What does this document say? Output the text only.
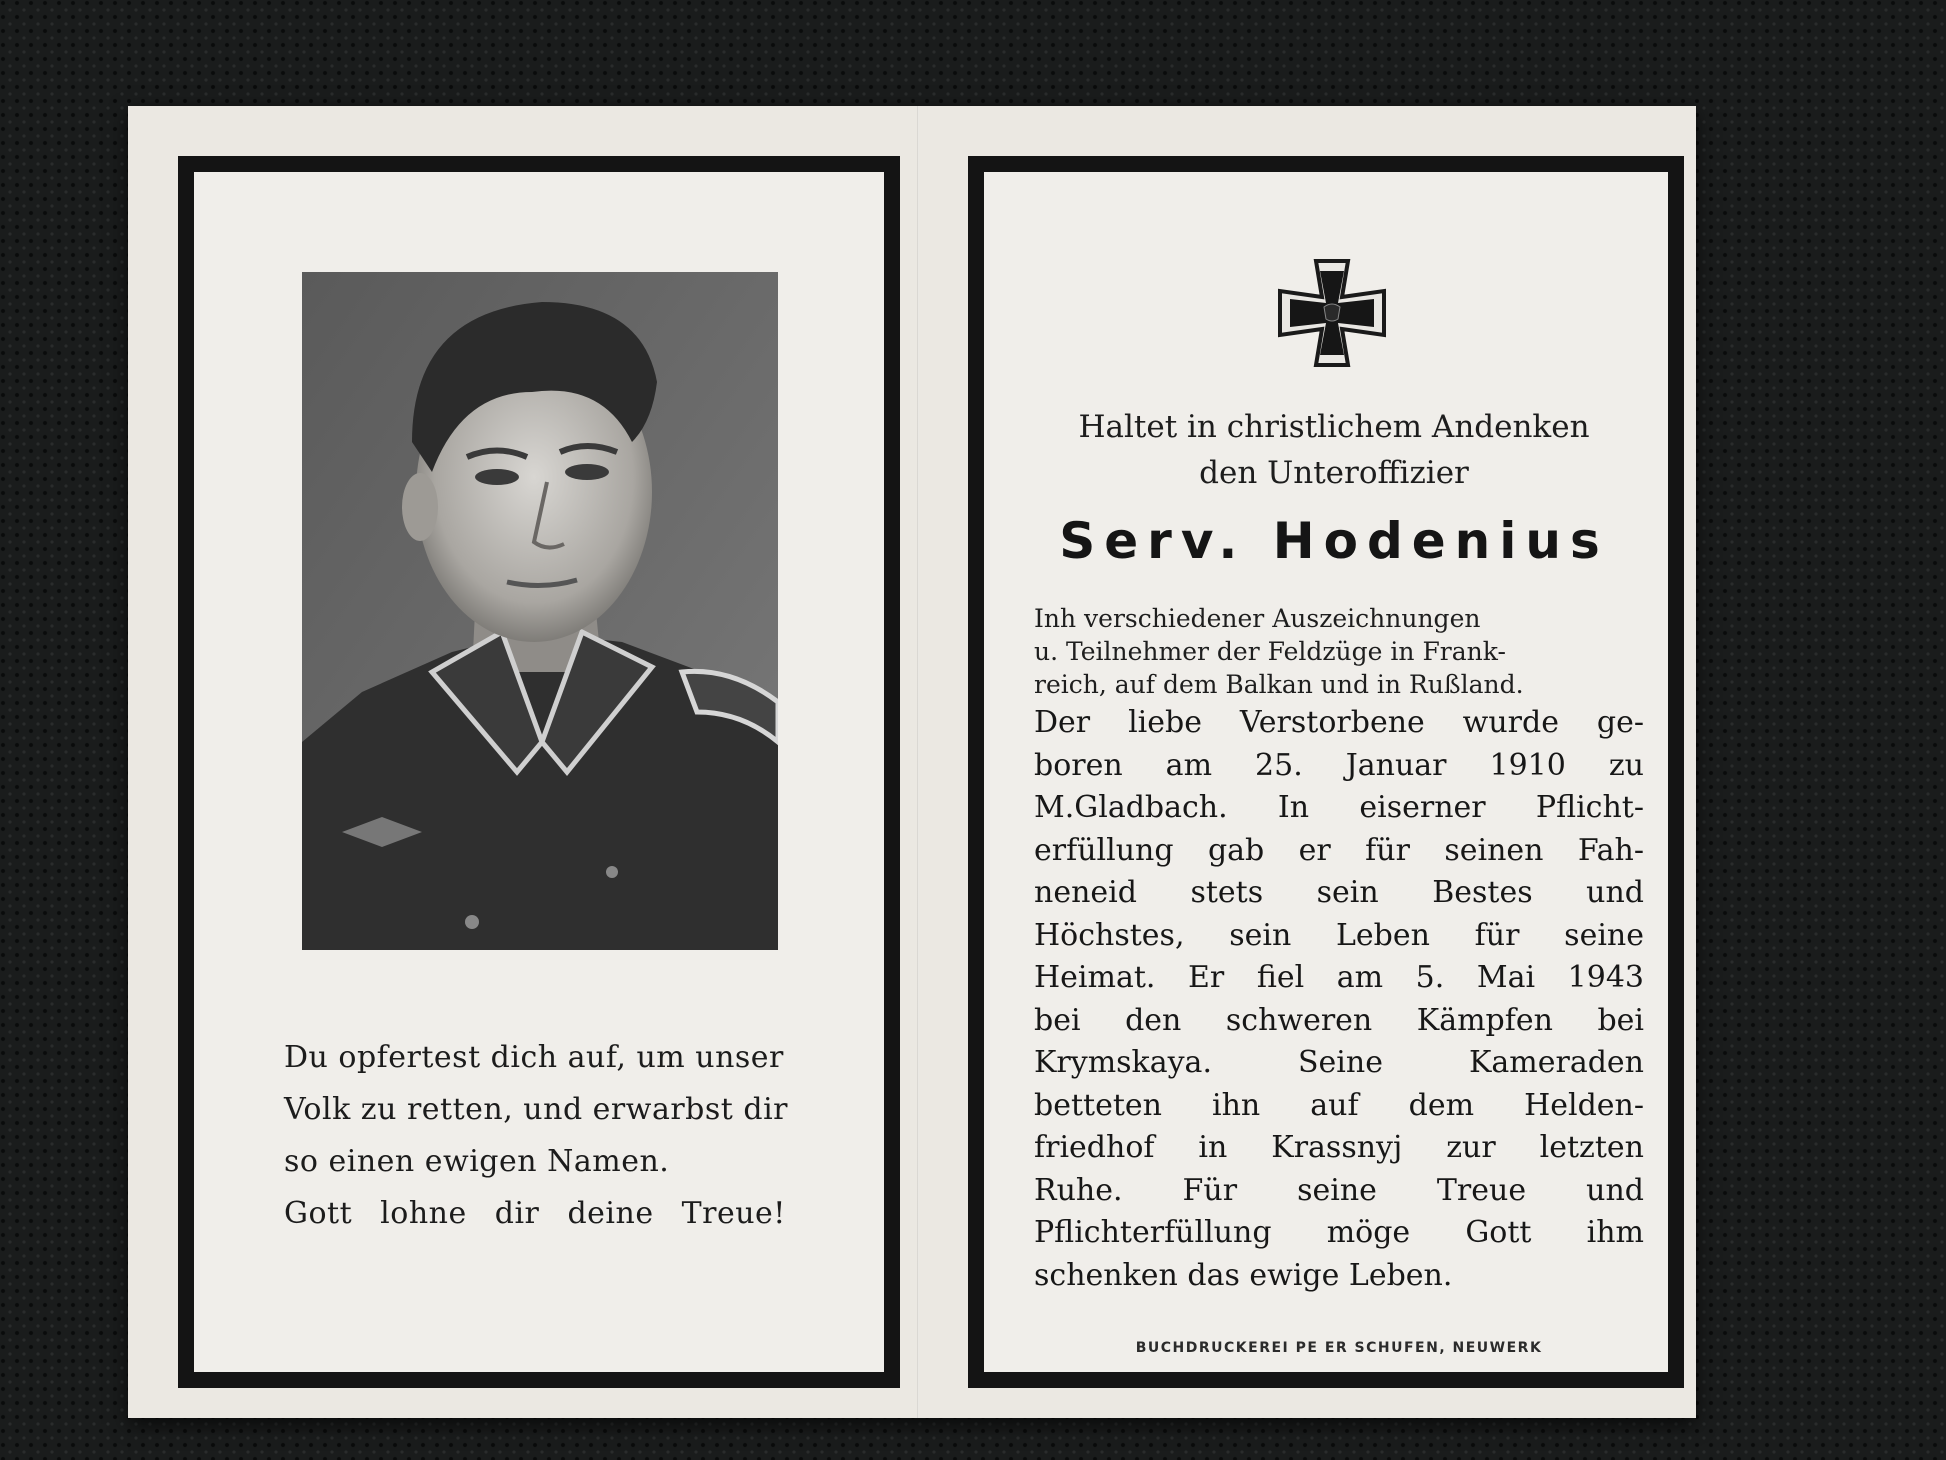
Du opfertest dich auf, um unser
Volk zu retten, und erwarbst dir
so einen ewigen Namen.
Gott lohne dir deine Treue!
Haltet in christlichem Andenken
den Unteroffizier
Serv. Hodenius
Inh verschiedener Auszeichnungen
u. Teilnehmer der Feldzüge in Frank-
reich, auf dem Balkan und in Rußland.
Der liebe Verstorbene wurde ge-
boren am 25. Januar 1910 zu
M.Gladbach. In eiserner Pflicht-
erfüllung gab er für seinen Fah-
neneid stets sein Bestes und
Höchstes, sein Leben für seine
Heimat. Er fiel am 5. Mai 1943
bei den schweren Kämpfen bei
Krymskaya. Seine Kameraden
betteten ihn auf dem Helden-
friedhof in Krassnyj zur letzten
Ruhe. Für seine Treue und
Pflichterfüllung möge Gott ihm
schenken das ewige Leben.
BUCHDRUCKEREI PE ER SCHUFEN, NEUWERK
